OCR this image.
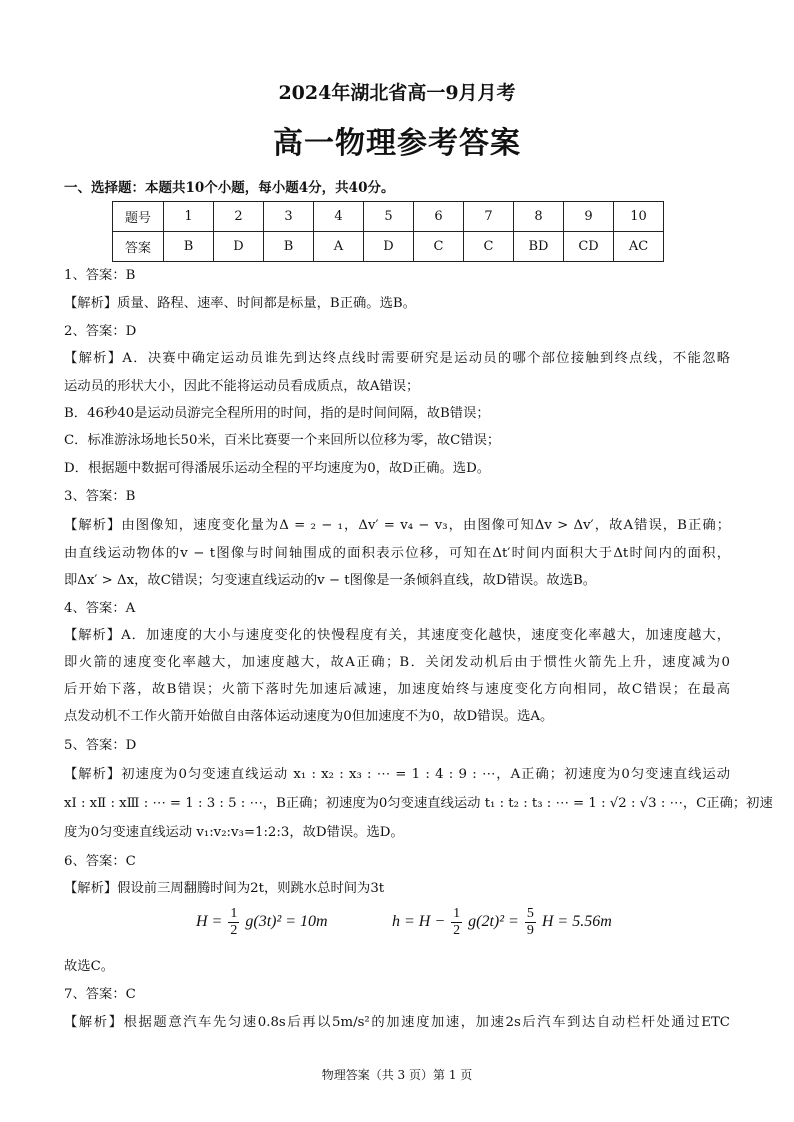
2024年湖北省高一9月月考
高一物理参考答案
一、选择题：本题共10个小题，每小题4分，共40分。
题号	1	2	3	4	5	6	7	8	9	10
答案	B	D	B	A	D	C	C	BD	CD	AC
1、答案：B
【解析】质量、路程、速率、时间都是标量，B正确。选B。
2、答案：D
【解析】A．决赛中确定运动员谁先到达终点线时需要研究是运动员的哪个部位接触到终点线，不能忽略
运动员的形状大小，因此不能将运动员看成质点，故A错误；
B．46秒40是运动员游完全程所用的时间，指的是时间间隔，故B错误；
C．标准游泳场地长50米，百米比赛要一个来回所以位移为零，故C错误；
D．根据题中数据可得潘展乐运动全程的平均速度为0，故D正确。选D。
3、答案：B
【解析】由图像知，速度变化量为Δ = ₂ − ₁，Δv′ = v₄ − v₃，由图像可知Δv > Δv′，故A错误，B正确；
由直线运动物体的v − t图像与时间轴围成的面积表示位移，可知在Δt′时间内面积大于Δt时间内的面积，
即Δx′ > Δx，故C错误；匀变速直线运动的v − t图像是一条倾斜直线，故D错误。故选B。
4、答案：A
【解析】A．加速度的大小与速度变化的快慢程度有关，其速度变化越快，速度变化率越大，加速度越大，
即火箭的速度变化率越大，加速度越大，故A正确；B．关闭发动机后由于惯性火箭先上升，速度减为0
后开始下落，故B错误；火箭下落时先加速后减速，加速度始终与速度变化方向相同，故C错误；在最高
点发动机不工作火箭开始做自由落体运动速度为0但加速度不为0，故D错误。选A。
5、答案：D
【解析】初速度为0匀变速直线运动 x₁ : x₂ : x₃ : ⋯ = 1 : 4 : 9 : ⋯，A正确；初速度为0匀变速直线运动
xⅠ : xⅡ : xⅢ : ⋯ = 1 : 3 : 5 : ⋯，B正确；初速度为0匀变速直线运动 t₁ : t₂ : t₃ : ⋯ = 1 : √2 : √3 : ⋯，C正确；初速
度为0匀变速直线运动 v₁:v₂:v₃=1:2:3，故D错误。选D。
6、答案：C
【解析】假设前三周翻腾时间为2t，则跳水总时间为3t
$H = \frac{1}{2} g(3t)^2 = 10m$	$h = H - \frac{1}{2} g(2t)^2 = \frac{5}{9}$ H = 5.56m
故选C。
7、答案：C
【解析】根据题意汽车先匀速0.8s后再以5m/s²的加速度加速，加速2s后汽车到达自动栏杆处通过ETC
物理答案（共 3 页）第 1 页
